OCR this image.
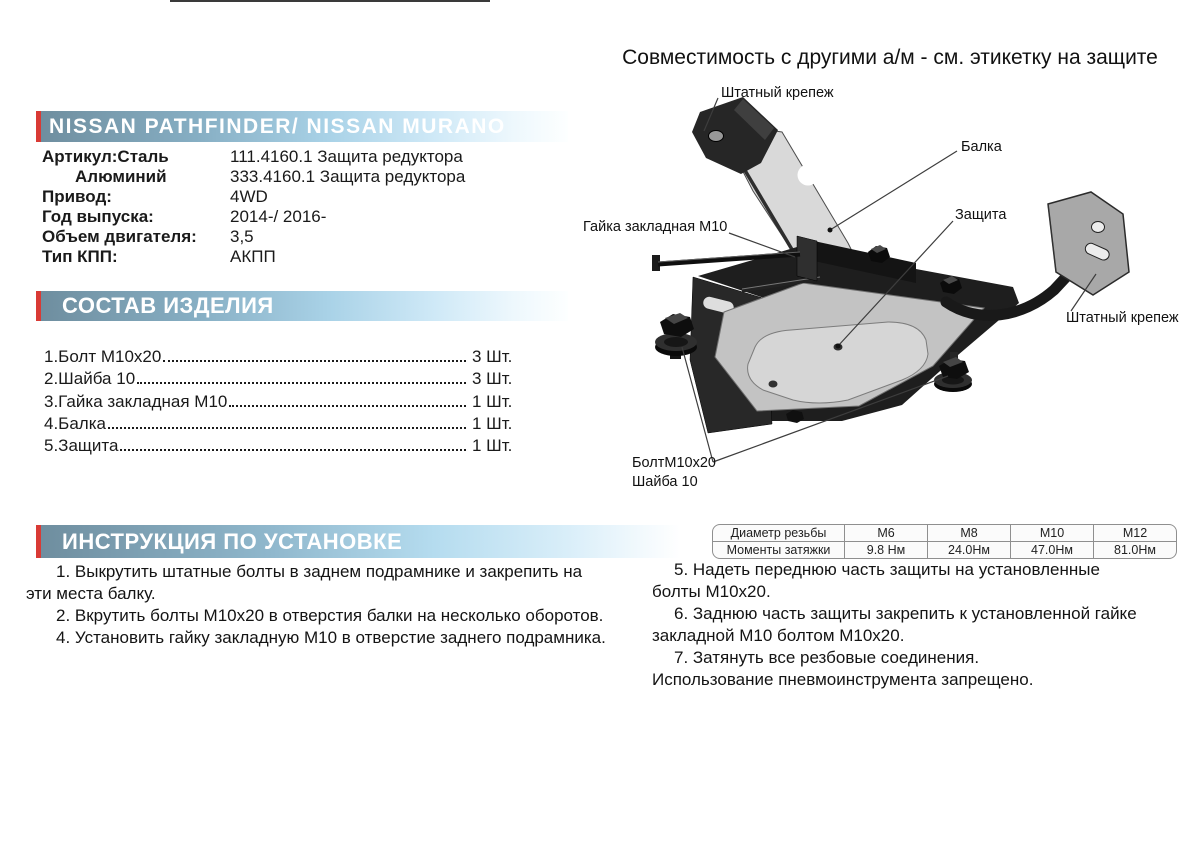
Совместимость с другими а/м - см. этикетку на защите
NISSAN PATHFINDER/ NISSAN MURANO
Артикул:Сталь	111.4160.1 Защита редуктора
Алюминий	333.4160.1 Защита редуктора
Привод:	4WD
Год выпуска:	2014-/ 2016-
Объем двигателя:	3,5
Тип КПП:	АКПП
СОСТАВ ИЗДЕЛИЯ
1.Болт М10х20	3 Шт.
2.Шайба 10	3 Шт.
3.Гайка закладная М10	1 Шт.
4.Балка	1 Шт.
5.Защита	1 Шт.
ИНСТРУКЦИЯ ПО УСТАНОВКЕ	Диаметр резьбы	М6	М8	М10	М12
Моменты затяжки	9.8 Нм	24.0Нм	47.0Нм	81.0Нм

1. Выкрутить штатные болты в заднем подрамнике и закрепить на эти места балку.

2. Вкрутить болты М10х20 в отверстия балки на несколько оборотов.

4. Установить гайку закладную М10 в отверстие заднего подрамника.

5. Надеть переднюю часть защиты на установленные болты М10х20.

6. Заднюю часть защиты закрепить к установленной гайке закладной М10 болтом М10х20.

7. Затянуть все резбовые соединения.

Использование пневмоинструмента запрещено.

Штатный крепеж
Балка
Защита
Гайка закладная М10
Штатный крепеж
БолтМ10х20
Шайба 10
